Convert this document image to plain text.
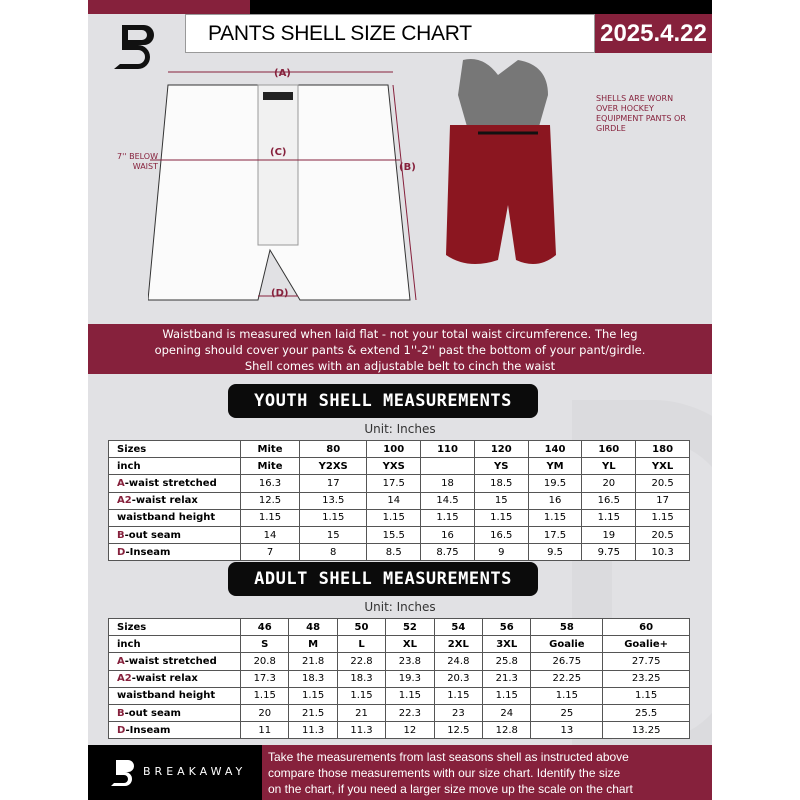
PANTS SHELL SIZE CHART	2025.4.22
(A)
(C)
(B)
(D)
7'' BELOW WAIST
SHELLS ARE WORN OVER HOCKEY EQUIPMENT PANTS OR GIRDLE
Waistband is measured when laid flat - not your total waist circumference. The leg
opening should cover your pants & extend 1''-2'' past the bottom of your pant/girdle.
Shell comes with an adjustable belt to cinch the waist
YOUTH SHELL MEASUREMENTS
Unit: Inches
Sizes	Mite	80	100	110	120	140	160	180
inch	Mite	Y2XS	YXS		YS	YM	YL	YXL
A-waist stretched	16.3	17	17.5	18	18.5	19.5	20	20.5
A2-waist relax	12.5	13.5	14	14.5	15	16	16.5	17
waistband height	1.15	1.15	1.15	1.15	1.15	1.15	1.15	1.15
B-out seam	14	15	15.5	16	16.5	17.5	19	20.5
D-Inseam	7	8	8.5	8.75	9	9.5	9.75	10.3
ADULT SHELL MEASUREMENTS
Unit: Inches
Sizes	46	48	50	52	54	56	58	60
inch	S	M	L	XL	2XL	3XL	Goalie	Goalie+
A-waist stretched	20.8	21.8	22.8	23.8	24.8	25.8	26.75	27.75
A2-waist relax	17.3	18.3	18.3	19.3	20.3	21.3	22.25	23.25
waistband height	1.15	1.15	1.15	1.15	1.15	1.15	1.15	1.15
B-out seam	20	21.5	21	22.3	23	24	25	25.5
D-Inseam	11	11.3	11.3	12	12.5	12.8	13	13.25
BREAKAWAY
Take the measurements from last seasons shell as instructed above
compare those measurements with our size chart. Identify the size
on the chart, if you need a larger size move up the scale on the chart
